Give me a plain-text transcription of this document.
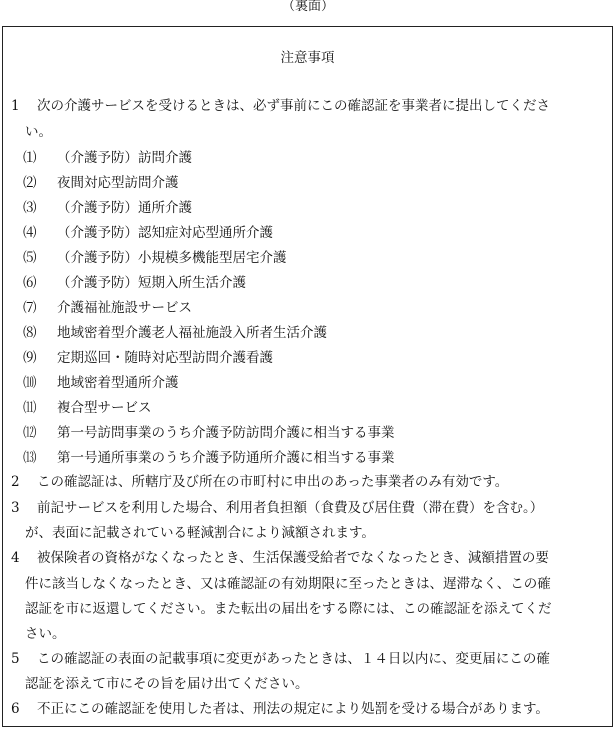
（裏面）
注意事項
1 次の介護サービスを受けるときは、必ず事前にこの確認証を事業者に提出してくださ
い。
⑴ （介護予防）訪問介護
⑵ 夜間対応型訪問介護
⑶ （介護予防）通所介護
⑷ （介護予防）認知症対応型通所介護
⑸ （介護予防）小規模多機能型居宅介護
⑹ （介護予防）短期入所生活介護
⑺ 介護福祉施設サービス
⑻ 地域密着型介護老人福祉施設入所者生活介護
⑼ 定期巡回・随時対応型訪問介護看護
⑽ 地域密着型通所介護
⑾ 複合型サービス
⑿ 第一号訪問事業のうち介護予防訪問介護に相当する事業
⒀ 第一号通所事業のうち介護予防通所介護に相当する事業
2 この確認証は、所轄庁及び所在の市町村に申出のあった事業者のみ有効です。
3 前記サービスを利用した場合、利用者負担額（食費及び居住費（滞在費）を含む。）
が、表面に記載されている軽減割合により減額されます。
4 被保険者の資格がなくなったとき、生活保護受給者でなくなったとき、減額措置の要
件に該当しなくなったとき、又は確認証の有効期限に至ったときは、遅滞なく、この確
認証を市に返還してください。また転出の届出をする際には、この確認証を添えてくだ
さい。
5 この確認証の表面の記載事項に変更があったときは、１４日以内に、変更届にこの確
認証を添えて市にその旨を届け出てください。
6 不正にこの確認証を使用した者は、刑法の規定により処罰を受ける場合があります。
